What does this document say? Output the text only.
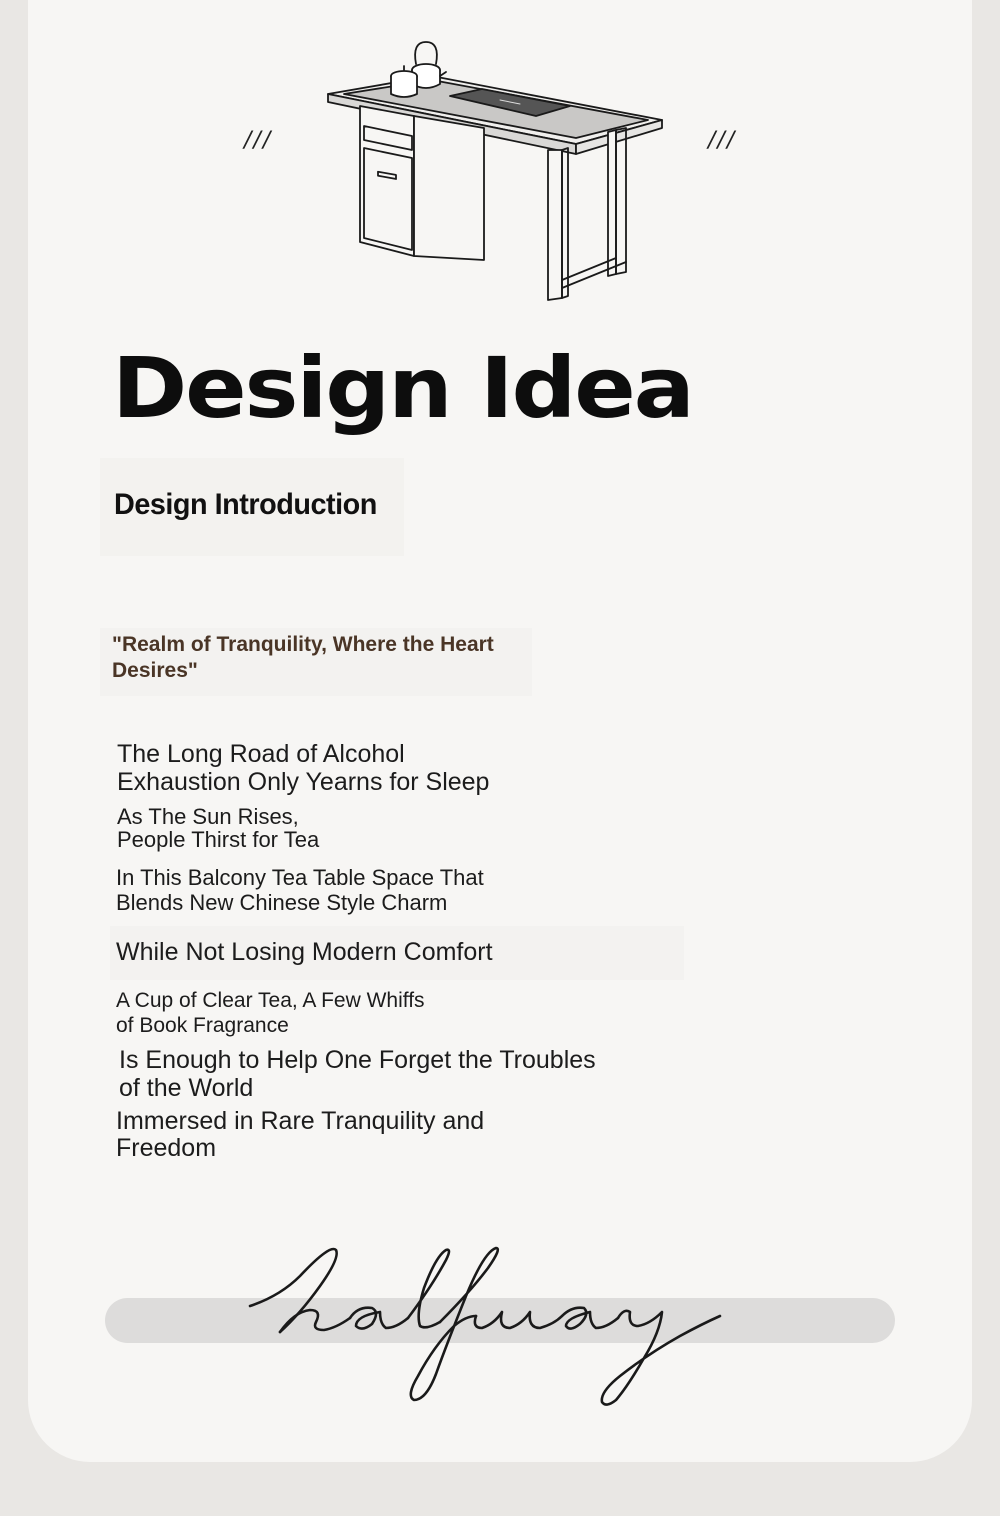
///	///
Design Idea
Design Introduction

"Realm of Tranquility, Where the Heart Desires"

The Long Road of Alcohol
Exhaustion Only Yearns for Sleep

As The Sun Rises,
People Thirst for Tea

In This Balcony Tea Table Space That
Blends New Chinese Style Charm

While Not Losing Modern Comfort

A Cup of Clear Tea, A Few Whiffs
of Book Fragrance

Is Enough to Help One Forget the Troubles
of the World

Immersed in Rare Tranquility and
Freedom
